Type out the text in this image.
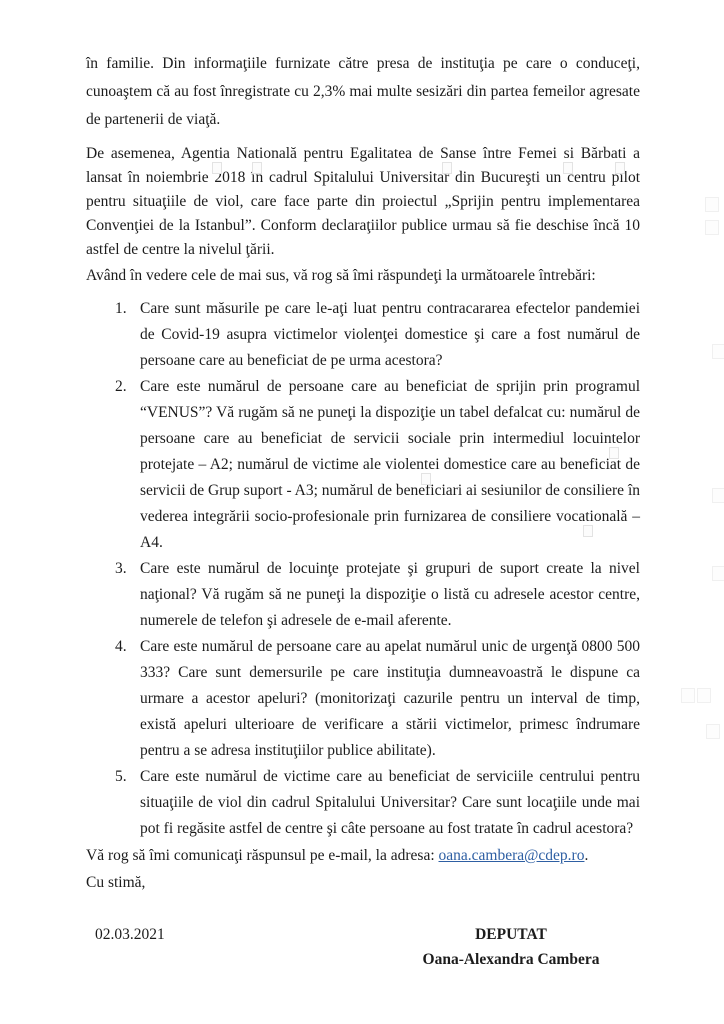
în familie. Din informaţiile furnizate către presa de instituţia pe care o conduceţi, cunoaştem că au fost înregistrate cu 2,3% mai multe sesizări din partea femeilor agresate de partenerii de viaţă.

De asemenea, Agentia Natională pentru Egalitatea de Sanse între Femei si Bărbati a lansat în noiembrie 2018 în cadrul Spitalului Universitar din Bucureşti un centru pilot pentru situaţiile de viol, care face parte din proiectul „Sprijin pentru implementarea Convenţiei de la Istanbul”. Conform declaraţiilor publice urmau să fie deschise încă 10 astfel de centre la nivelul ţării.

Având în vedere cele de mai sus, vă rog să îmi răspundeţi la următoarele întrebări:

1. Care sunt măsurile pe care le-aţi luat pentru contracararea efectelor pandemiei de Covid-19 asupra victimelor violenţei domestice şi care a fost numărul de persoane care au beneficiat de pe urma acestora?
2. Care este numărul de persoane care au beneficiat de sprijin prin programul “VENUS”? Vă rugăm să ne puneţi la dispoziţie un tabel defalcat cu: numărul de persoane care au beneficiat de servicii sociale prin intermediul locuintelor protejate – A2; numărul de victime ale violentei domestice care au beneficiat de servicii de Grup suport - A3; numărul de beneficiari ai sesiunilor de consiliere în vederea integrării socio-profesionale prin furnizarea de consiliere vocatională – A4.
3. Care este numărul de locuinţe protejate şi grupuri de suport create la nivel naţional? Vă rugăm să ne puneţi la dispoziţie o listă cu adresele acestor centre, numerele de telefon şi adresele de e-mail aferente.
4. Care este numărul de persoane care au apelat numărul unic de urgenţă 0800 500 333? Care sunt demersurile pe care instituţia dumneavoastră le dispune ca urmare a acestor apeluri? (monitorizaţi cazurile pentru un interval de timp, există apeluri ulterioare de verificare a stării victimelor, primesc îndrumare pentru a se adresa instituţiilor publice abilitate).
5. Care este numărul de victime care au beneficiat de serviciile centrului pentru situaţiile de viol din cadrul Spitalului Universitar? Care sunt locaţiile unde mai pot fi regăsite astfel de centre şi câte persoane au fost tratate în cadrul acestora?

Vă rog să îmi comunicaţi răspunsul pe e-mail, la adresa: oana.cambera@cdep.ro.

Cu stimă,

02.03.2021	DEPUTAT
Oana-Alexandra Cambera
